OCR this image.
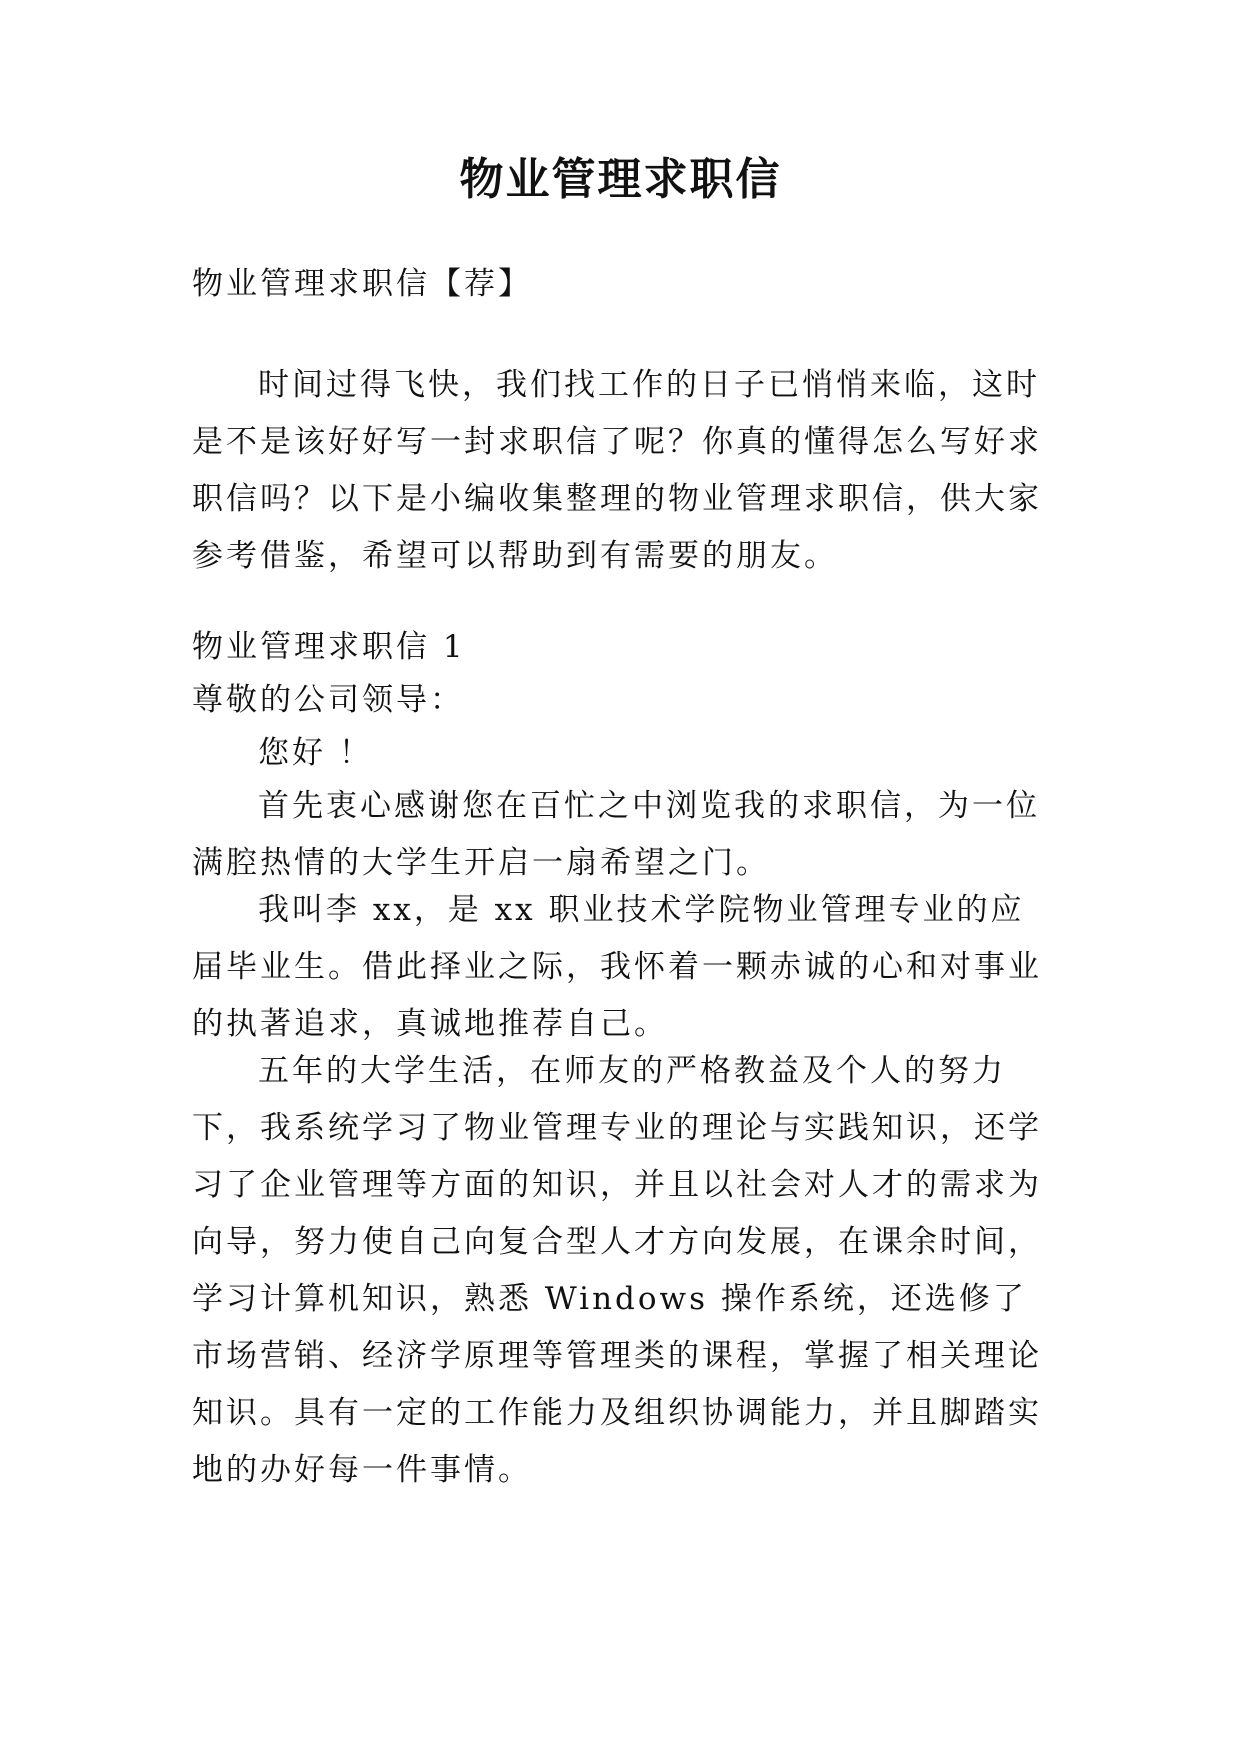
物业管理求职信

物业管理求职信【荐】

时间过得飞快，我们找工作的日子已悄悄来临，这时是不是该好好写一封求职信了呢？你真的懂得怎么写好求职信吗？以下是小编收集整理的物业管理求职信，供大家参考借鉴，希望可以帮助到有需要的朋友。

物业管理求职信 1

尊敬的公司领导：

您好 ！

首先衷心感谢您在百忙之中浏览我的求职信，为一位满腔热情的大学生开启一扇希望之门。

我叫李 xx，是 xx 职业技术学院物业管理专业的应届毕业生。借此择业之际，我怀着一颗赤诚的心和对事业的执著追求，真诚地推荐自己。

五年的大学生活，在师友的严格教益及个人的努力下，我系统学习了物业管理专业的理论与实践知识，还学习了企业管理等方面的知识，并且以社会对人才的需求为向导，努力使自己向复合型人才方向发展，在课余时间，学习计算机知识，熟悉 Windows 操作系统，还选修了市场营销、经济学原理等管理类的课程，掌握了相关理论知识。具有一定的工作能力及组织协调能力，并且脚踏实地的办好每一件事情。
